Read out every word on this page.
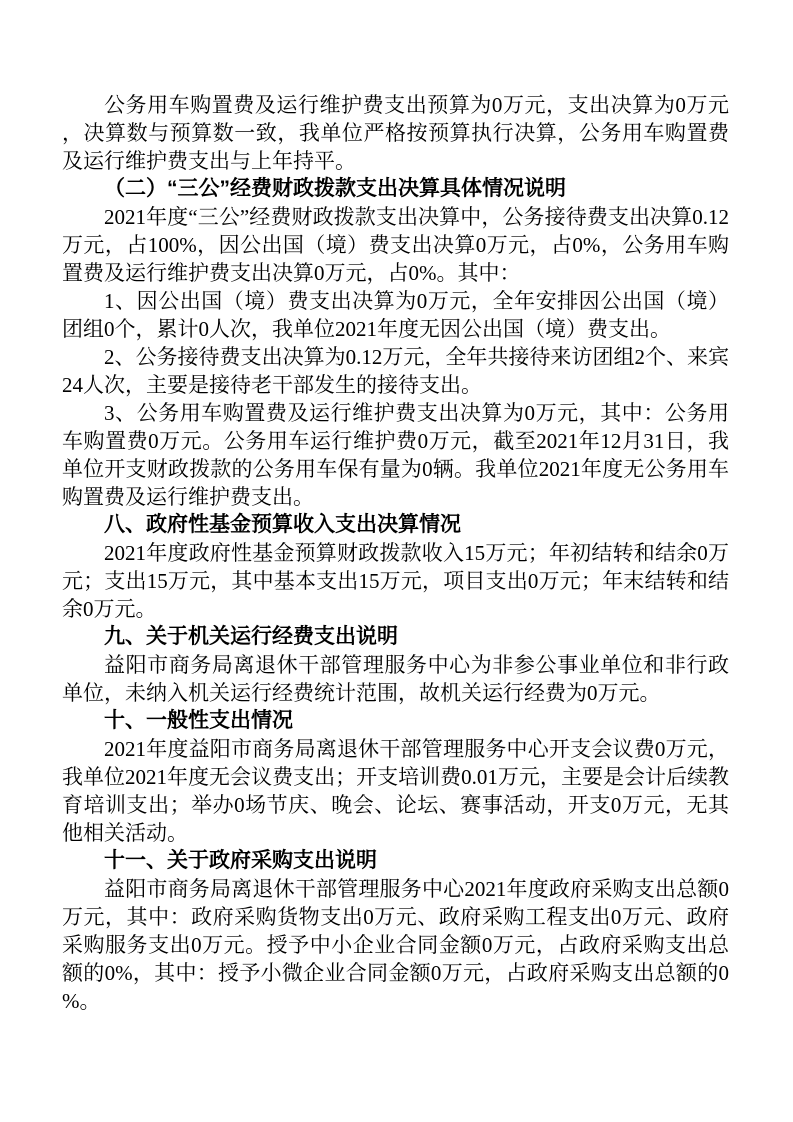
公务用车购置费及运行维护费支出预算为0万元，支出决算为0万元，决算数与预算数一致，我单位严格按预算执行决算，公务用车购置费及运行维护费支出与上年持平。

（二）“三公”经费财政拨款支出决算具体情况说明

2021年度“三公”经费财政拨款支出决算中，公务接待费支出决算0.12万元，占100%，因公出国（境）费支出决算0万元，占0%，公务用车购置费及运行维护费支出决算0万元，占0%。其中：

1、因公出国（境）费支出决算为0万元，全年安排因公出国（境）团组0个，累计0人次，我单位2021年度无因公出国（境）费支出。

2、公务接待费支出决算为0.12万元，全年共接待来访团组2个、来宾24人次，主要是接待老干部发生的接待支出。

3、公务用车购置费及运行维护费支出决算为0万元，其中：公务用车购置费0万元。公务用车运行维护费0万元，截至2021年12月31日，我单位开支财政拨款的公务用车保有量为0辆。我单位2021年度无公务用车购置费及运行维护费支出。

八、政府性基金预算收入支出决算情况

2021年度政府性基金预算财政拨款收入15万元；年初结转和结余0万元；支出15万元，其中基本支出15万元，项目支出0万元；年末结转和结余0万元。

九、关于机关运行经费支出说明

益阳市商务局离退休干部管理服务中心为非参公事业单位和非行政单位，未纳入机关运行经费统计范围，故机关运行经费为0万元。

十、一般性支出情况

2021年度益阳市商务局离退休干部管理服务中心开支会议费0万元，我单位2021年度无会议费支出；开支培训费0.01万元，主要是会计后续教育培训支出；举办0场节庆、晚会、论坛、赛事活动，开支0万元，无其他相关活动。

十一、关于政府采购支出说明

益阳市商务局离退休干部管理服务中心2021年度政府采购支出总额0万元，其中：政府采购货物支出0万元、政府采购工程支出0万元、政府采购服务支出0万元。授予中小企业合同金额0万元，占政府采购支出总额的0%，其中：授予小微企业合同金额0万元，占政府采购支出总额的0%。
